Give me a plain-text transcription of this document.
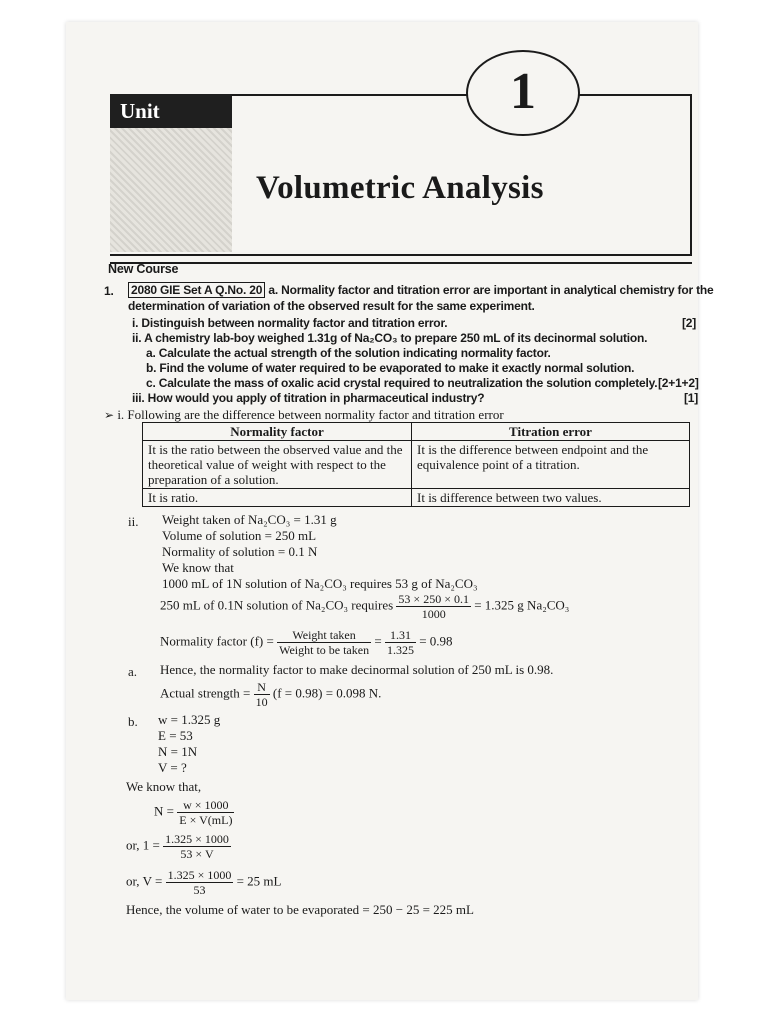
Unit	1
Volumetric Analysis
New Course
1. 2080 GIE Set A Q.No. 20 a. Normality factor and titration error are important in analytical chemistry for the
determination of variation of the observed result for the same experiment.
i. Distinguish between normality factor and titration error.	[2]
ii. A chemistry lab-boy weighed 1.31g of Na₂CO₃ to prepare 250 mL of its decinormal solution.
a. Calculate the actual strength of the solution indicating normality factor.
b. Find the volume of water required to be evaporated to make it exactly normal solution.
c. Calculate the mass of oxalic acid crystal required to neutralization the solution completely. [2+1+2]
iii. How would you apply of titration in pharmaceutical industry?	[1]
➢ i. Following are the difference between normality factor and titration error
Normality factor	Titration error
It is the ratio between the observed value and the theoretical value of weight with respect to the preparation of a solution.	It is the difference between endpoint and the equivalence point of a titration.
It is ratio.	It is difference between two values.
ii. Weight taken of Na₂CO₃ = 1.31 g
Volume of solution = 250 mL
Normality of solution = 0.1 N
We know that
1000 mL of 1N solution of Na₂CO₃ requires 53 g of Na₂CO₃
250 mL of 0.1N solution of Na₂CO₃ requires $\frac{53 \times 250 \times 0.1}{1000} = 1.325$ g Na₂CO₃
Normality factor $(f) = \frac{\text{Weight taken}}{\text{Weight to be taken}} = \frac{1.31}{1.325} = 0.98$
a. Hence, the normality factor to make decinormal solution of 250 mL is 0.98.
Actual strength = $\frac{N}{10} (f = 0.98) = 0.098$ N.
b. w = 1.325 g
E = 53
N = 1N
V = ?
We know that,
$N = \frac{w \times 1000}{E \times V(mL)}$
or, $1 = \frac{1.325 \times 1000}{53 \times V}$
or, $V = \frac{1.325 \times 1000}{53} = 25$ mL
Hence, the volume of water to be evaporated = 250 − 25 = 225 mL
